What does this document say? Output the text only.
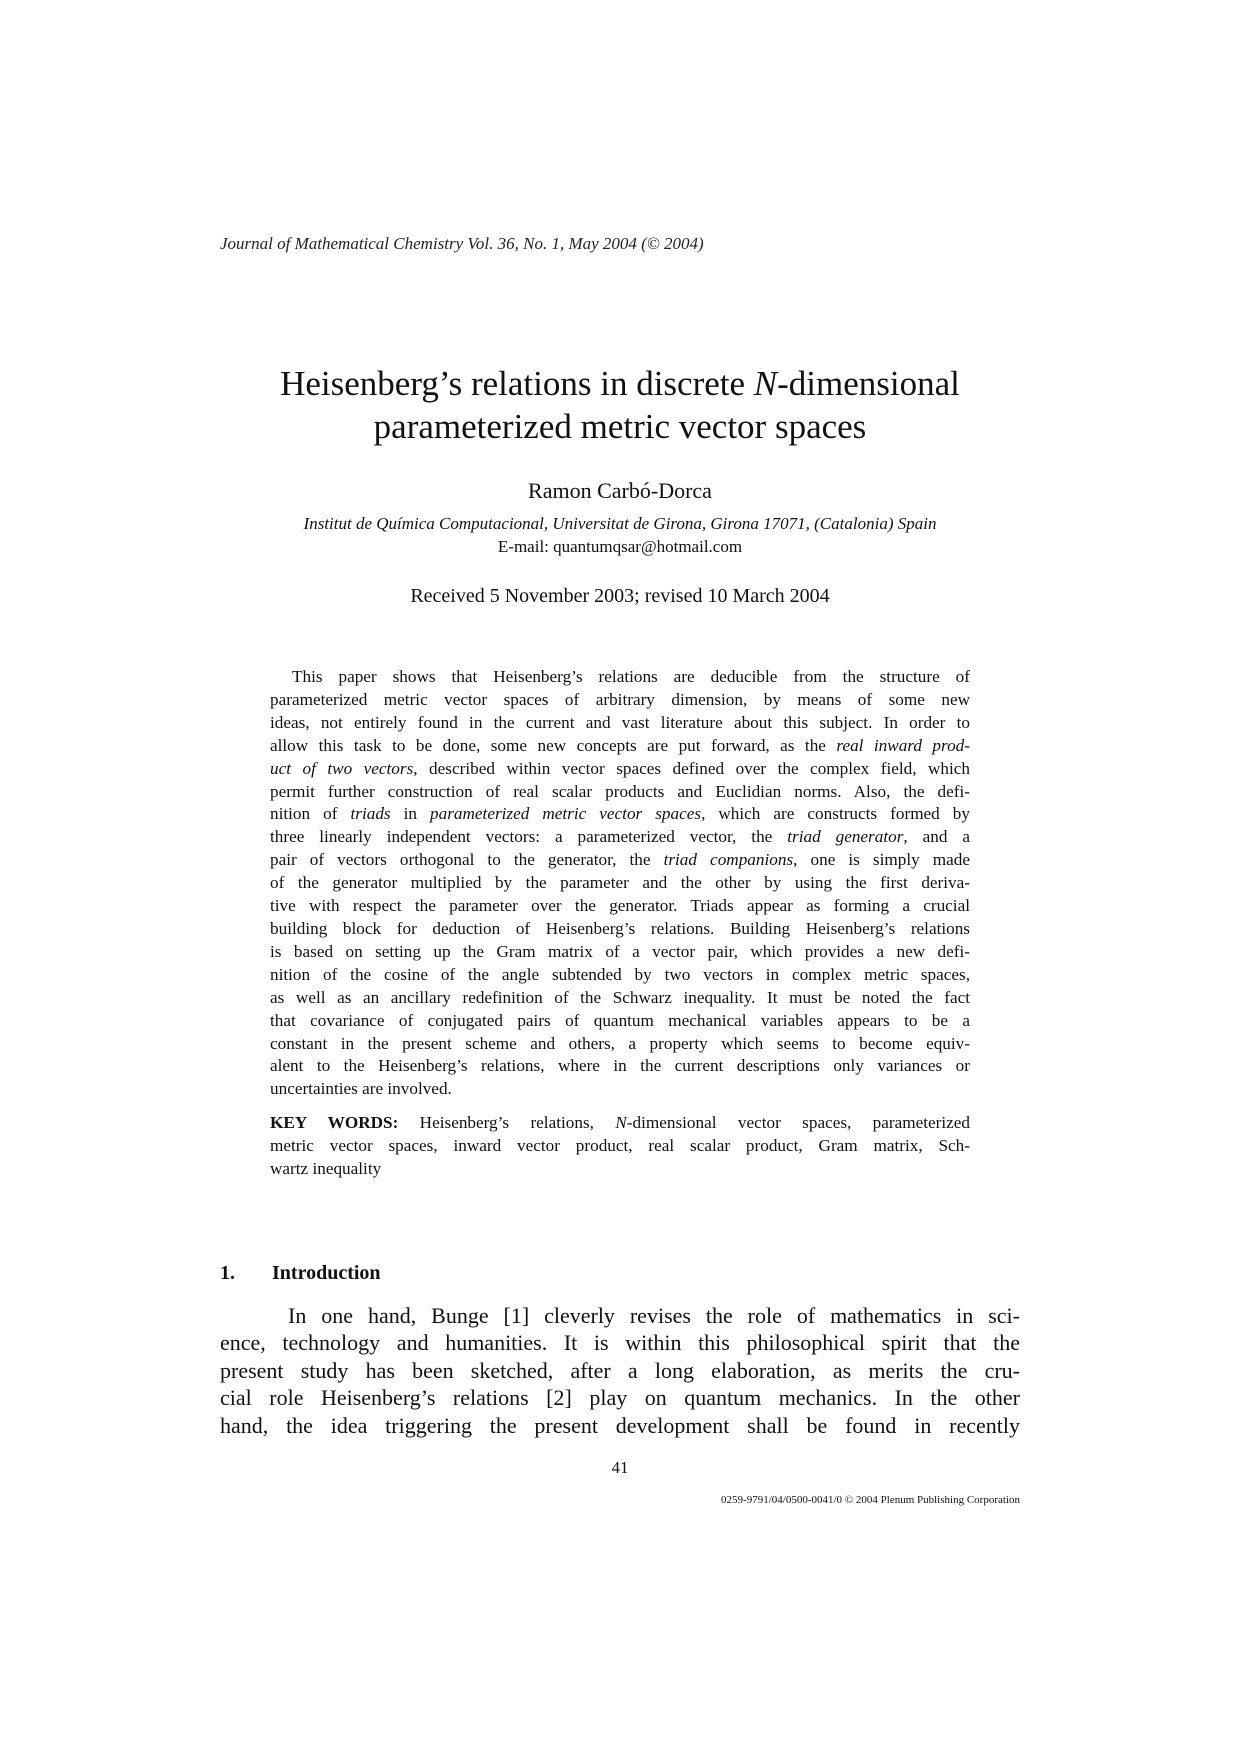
Journal of Mathematical Chemistry Vol. 36, No. 1, May 2004 (© 2004)
Heisenberg’s relations in discrete N-dimensional
parameterized metric vector spaces
Ramon Carbó-Dorca
Institut de Química Computacional, Universitat de Girona, Girona 17071, (Catalonia) Spain
E-mail: quantumqsar@hotmail.com
Received 5 November 2003; revised 10 March 2004
This paper shows that Heisenberg’s relations are deducible from the structure of
parameterized metric vector spaces of arbitrary dimension, by means of some new
ideas, not entirely found in the current and vast literature about this subject. In order to
allow this task to be done, some new concepts are put forward, as the real inward prod-
uct of two vectors, described within vector spaces defined over the complex field, which
permit further construction of real scalar products and Euclidian norms. Also, the defi-
nition of triads in parameterized metric vector spaces, which are constructs formed by
three linearly independent vectors: a parameterized vector, the triad generator, and a
pair of vectors orthogonal to the generator, the triad companions, one is simply made
of the generator multiplied by the parameter and the other by using the first deriva-
tive with respect the parameter over the generator. Triads appear as forming a crucial
building block for deduction of Heisenberg’s relations. Building Heisenberg’s relations
is based on setting up the Gram matrix of a vector pair, which provides a new defi-
nition of the cosine of the angle subtended by two vectors in complex metric spaces,
as well as an ancillary redefinition of the Schwarz inequality. It must be noted the fact
that covariance of conjugated pairs of quantum mechanical variables appears to be a
constant in the present scheme and others, a property which seems to become equiv-
alent to the Heisenberg’s relations, where in the current descriptions only variances or
uncertainties are involved.
KEY WORDS: Heisenberg’s relations, N-dimensional vector spaces, parameterized
metric vector spaces, inward vector product, real scalar product, Gram matrix, Sch-
wartz inequality
1. Introduction
In one hand, Bunge [1] cleverly revises the role of mathematics in sci-
ence, technology and humanities. It is within this philosophical spirit that the
present study has been sketched, after a long elaboration, as merits the cru-
cial role Heisenberg’s relations [2] play on quantum mechanics. In the other
hand, the idea triggering the present development shall be found in recently
41
0259-9791/04/0500-0041/0 © 2004 Plenum Publishing Corporation
